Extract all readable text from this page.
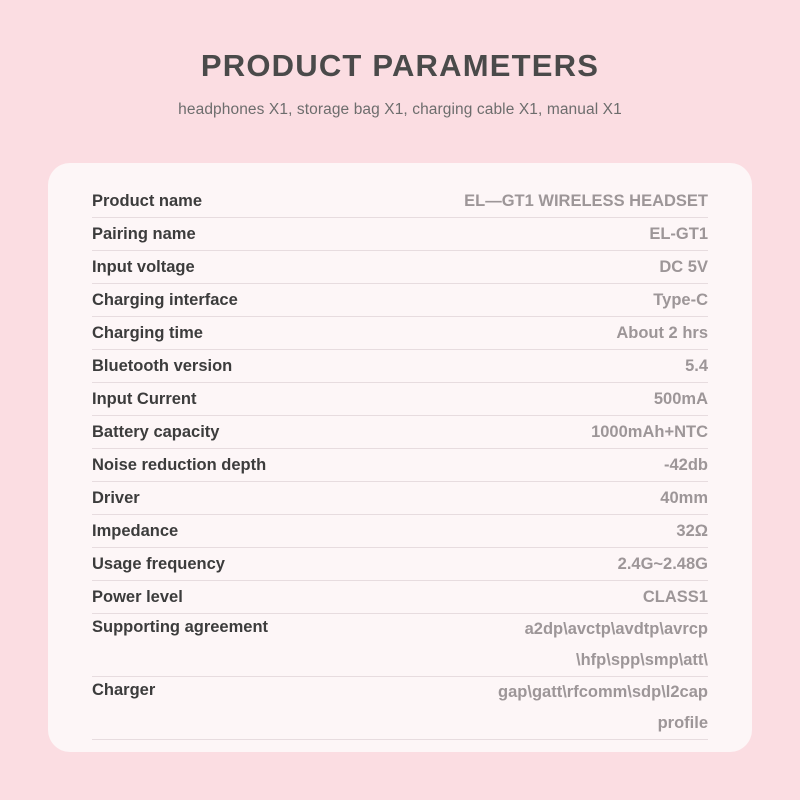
PRODUCT PARAMETERS
headphones X1, storage bag X1, charging cable X1, manual X1
Product name	EL—GT1 WIRELESS HEADSET
Pairing name	EL-GT1
Input voltage	DC 5V
Charging interface	Type-C
Charging time	About 2 hrs
Bluetooth version	5.4
Input Current	500mA
Battery capacity	1000mAh+NTC
Noise reduction depth	-42db
Driver	40mm
Impedance	32Ω
Usage frequency	2.4G~2.48G
Power level	CLASS1
Supporting agreement	a2dp\avctp\avdtp\avrcp
\hfp\spp\smp\att\

Charger	gap\gatt\rfcomm\sdp\l2cap
profile
